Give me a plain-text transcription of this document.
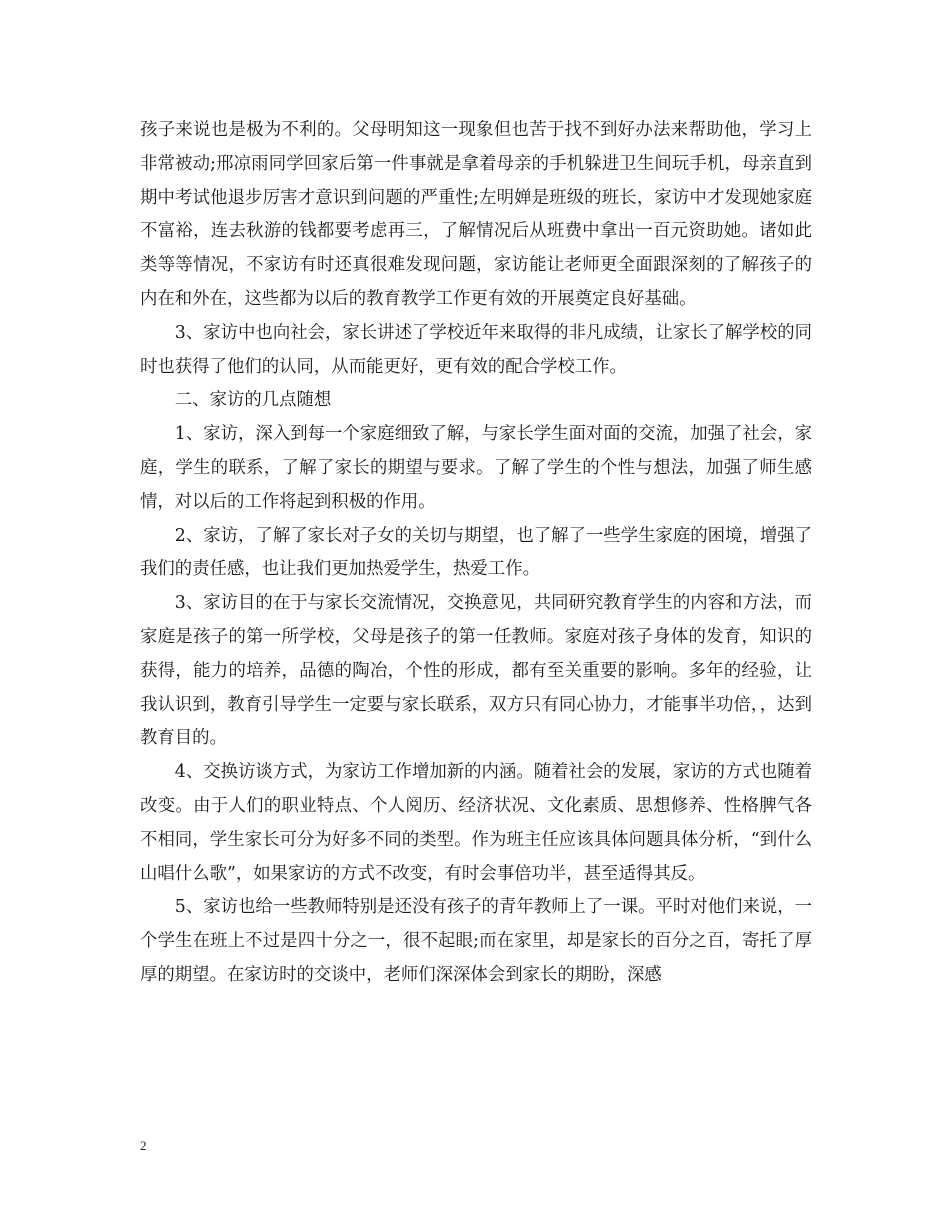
孩子来说也是极为不利的。父母明知这一现象但也苦于找不到好办法来帮助他，学习上非常被动;邢凉雨同学回家后第一件事就是拿着母亲的手机躲进卫生间玩手机，母亲直到期中考试他退步厉害才意识到问题的严重性;左明婵是班级的班长，家访中才发现她家庭不富裕，连去秋游的钱都要考虑再三，了解情况后从班费中拿出一百元资助她。诸如此类等等情况，不家访有时还真很难发现问题，家访能让老师更全面跟深刻的了解孩子的内在和外在，这些都为以后的教育教学工作更有效的开展奠定良好基础。

3、家访中也向社会，家长讲述了学校近年来取得的非凡成绩，让家长了解学校的同时也获得了他们的认同，从而能更好，更有效的配合学校工作。

二、家访的几点随想

1、家访，深入到每一个家庭细致了解，与家长学生面对面的交流，加强了社会，家庭，学生的联系，了解了家长的期望与要求。了解了学生的个性与想法，加强了师生感情，对以后的工作将起到积极的作用。

2、家访，了解了家长对子女的关切与期望，也了解了一些学生家庭的困境，增强了我们的责任感，也让我们更加热爱学生，热爱工作。

3、家访目的在于与家长交流情况，交换意见，共同研究教育学生的内容和方法，而家庭是孩子的第一所学校，父母是孩子的第一任教师。家庭对孩子身体的发育，知识的获得，能力的培养，品德的陶冶，个性的形成，都有至关重要的影响。多年的经验，让我认识到，教育引导学生一定要与家长联系，双方只有同心协力，才能事半功倍，，达到教育目的。

4、交换访谈方式，为家访工作增加新的内涵。随着社会的发展，家访的方式也随着改变。由于人们的职业特点、个人阅历、经济状况、文化素质、思想修养、性格脾气各不相同，学生家长可分为好多不同的类型。作为班主任应该具体问题具体分析，“到什么山唱什么歌”，如果家访的方式不改变，有时会事倍功半，甚至适得其反。

5、家访也给一些教师特别是还没有孩子的青年教师上了一课。平时对他们来说，一个学生在班上不过是四十分之一，很不起眼;而在家里，却是家长的百分之百，寄托了厚厚的期望。在家访时的交谈中，老师们深深体会到家长的期盼，深感

2
